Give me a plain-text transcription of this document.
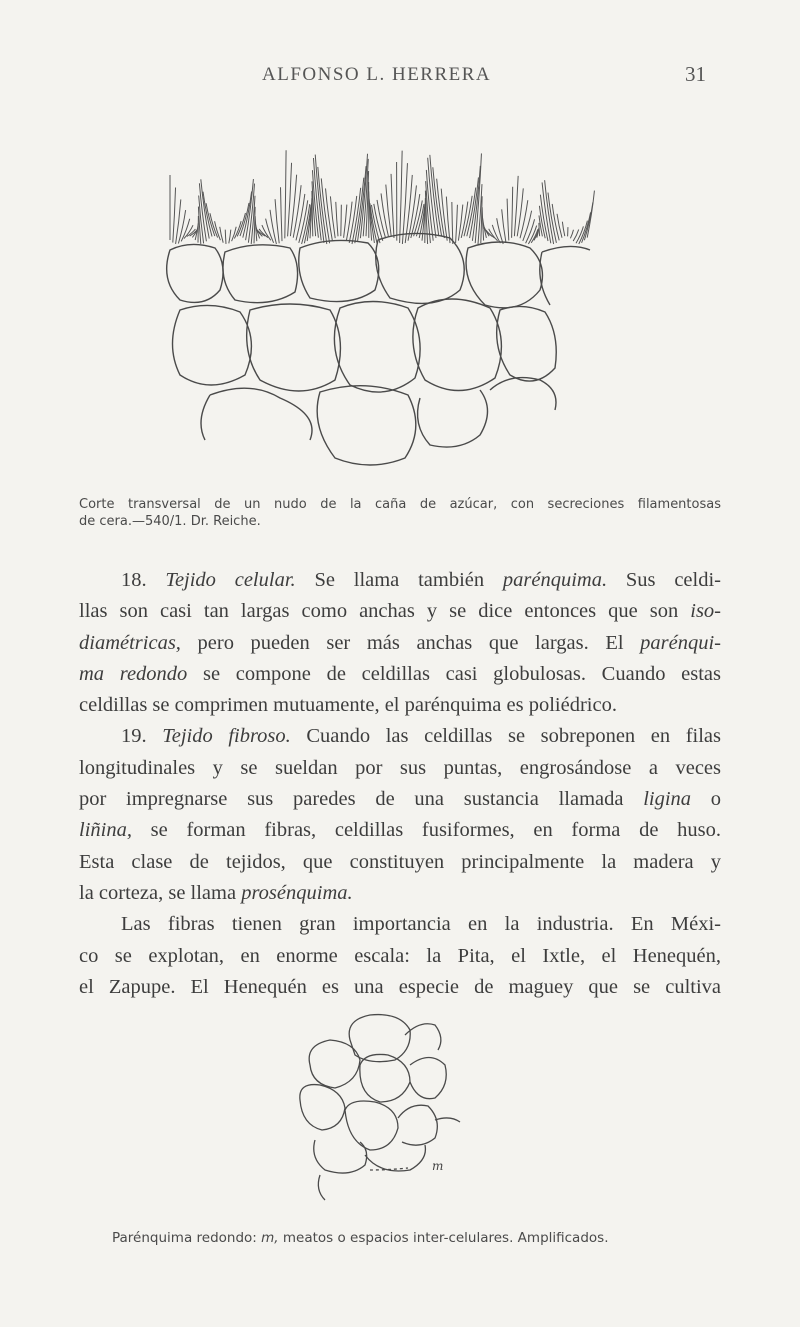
ALFONSO L. HERRERA	31
Corte transversal de un nudo de la caña de azúcar, con secreciones filamentosas
de cera.—540/1. Dr. Reiche.
18. Tejido celular. Se llama también parénquima. Sus celdi-
llas son casi tan largas como anchas y se dice entonces que son iso-
diamétricas, pero pueden ser más anchas que largas. El parénqui-
ma redondo se compone de celdillas casi globulosas. Cuando estas
celdillas se comprimen mutuamente, el parénquima es poliédrico.
19. Tejido fibroso. Cuando las celdillas se sobreponen en filas
longitudinales y se sueldan por sus puntas, engrosándose a veces
por impregnarse sus paredes de una sustancia llamada ligina o
liñina, se forman fibras, celdillas fusiformes, en forma de huso.
Esta clase de tejidos, que constituyen principalmente la madera y
la corteza, se llama prosénquima.
Las fibras tienen gran importancia en la industria. En Méxi-
co se explotan, en enorme escala: la Pita, el Ixtle, el Henequén,
el Zapupe. El Henequén es una especie de maguey que se cultiva
m
Parénquima redondo: m, meatos o espacios inter-celulares. Amplificados.
